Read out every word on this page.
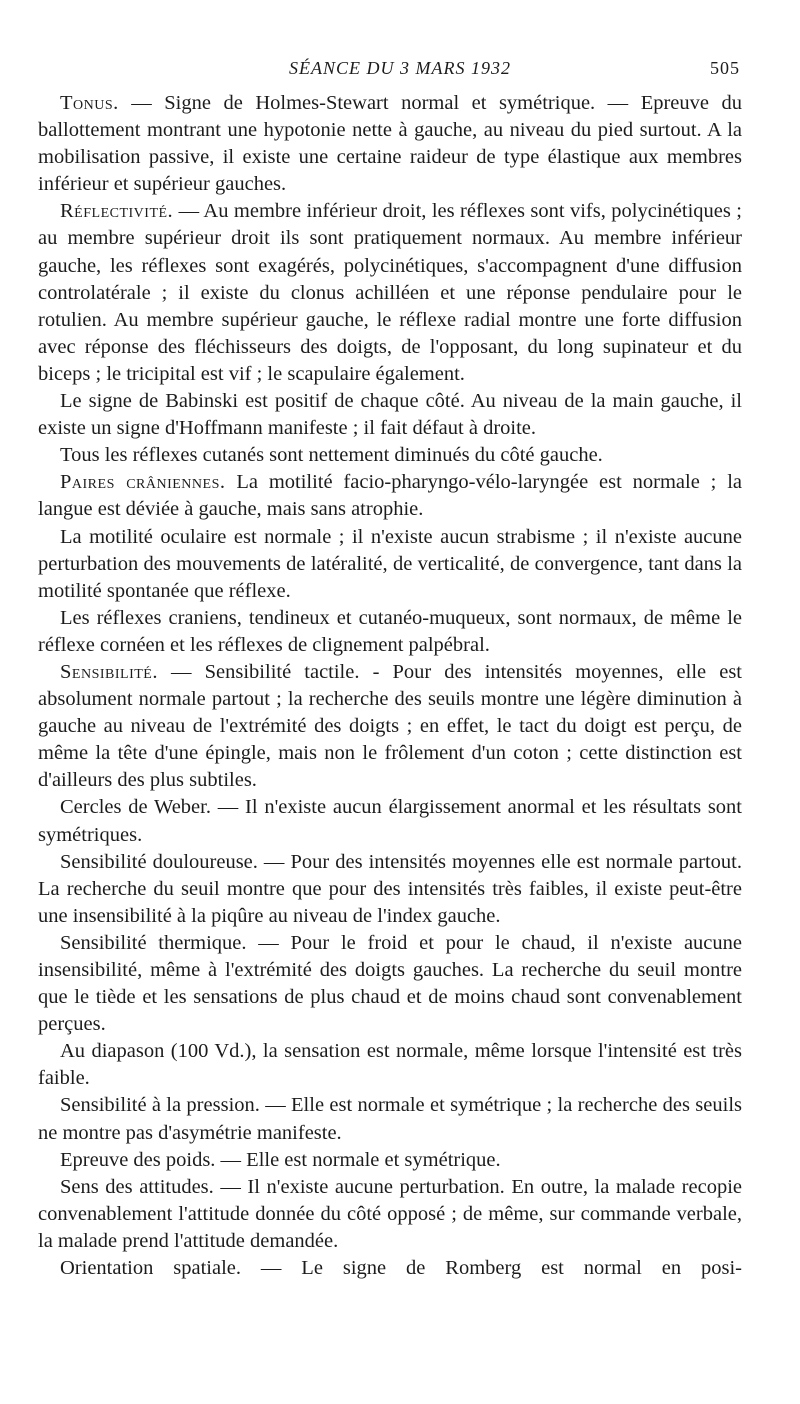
SÉANCE DU 3 MARS 1932	505

Tonus. — Signe de Holmes-Stewart normal et symétrique. — Epreuve du ballottement montrant une hypotonie nette à gauche, au niveau du pied surtout. A la mobilisation passive, il existe une certaine raideur de type élastique aux membres inférieur et supérieur gauches.

Réflectivité. — Au membre inférieur droit, les réflexes sont vifs, polycinétiques ; au membre supérieur droit ils sont pratiquement normaux. Au membre inférieur gauche, les réflexes sont exagérés, polycinétiques, s'accompagnent d'une diffusion controlatérale ; il existe du clonus achilléen et une réponse pendulaire pour le rotulien. Au membre supérieur gauche, le réflexe radial montre une forte diffusion avec réponse des fléchisseurs des doigts, de l'opposant, du long supinateur et du biceps ; le tricipital est vif ; le scapulaire également.

Le signe de Babinski est positif de chaque côté. Au niveau de la main gauche, il existe un signe d'Hoffmann manifeste ; il fait défaut à droite.

Tous les réflexes cutanés sont nettement diminués du côté gauche.

Paires crâniennes. La motilité facio-pharyngo-vélo-laryngée est normale ; la langue est déviée à gauche, mais sans atrophie.

La motilité oculaire est normale ; il n'existe aucun strabisme ; il n'existe aucune perturbation des mouvements de latéralité, de verticalité, de convergence, tant dans la motilité spontanée que réflexe.

Les réflexes craniens, tendineux et cutanéo-muqueux, sont normaux, de même le réflexe cornéen et les réflexes de clignement palpébral.

Sensibilité. — Sensibilité tactile. - Pour des intensités moyennes, elle est absolument normale partout ; la recherche des seuils montre une légère diminution à gauche au niveau de l'extrémité des doigts ; en effet, le tact du doigt est perçu, de même la tête d'une épingle, mais non le frôlement d'un coton ; cette distinction est d'ailleurs des plus subtiles.

Cercles de Weber. — Il n'existe aucun élargissement anormal et les résultats sont symétriques.

Sensibilité douloureuse. — Pour des intensités moyennes elle est normale partout. La recherche du seuil montre que pour des intensités très faibles, il existe peut-être une insensibilité à la piqûre au niveau de l'index gauche.

Sensibilité thermique. — Pour le froid et pour le chaud, il n'existe aucune insensibilité, même à l'extrémité des doigts gauches. La recherche du seuil montre que le tiède et les sensations de plus chaud et de moins chaud sont convenablement perçues.

Au diapason (100 Vd.), la sensation est normale, même lorsque l'intensité est très faible.

Sensibilité à la pression. — Elle est normale et symétrique ; la recherche des seuils ne montre pas d'asymétrie manifeste.

Epreuve des poids. — Elle est normale et symétrique.

Sens des attitudes. — Il n'existe aucune perturbation. En outre, la malade recopie convenablement l'attitude donnée du côté opposé ; de même, sur commande verbale, la malade prend l'attitude demandée.

Orientation spatiale. — Le signe de Romberg est normal en posi-
